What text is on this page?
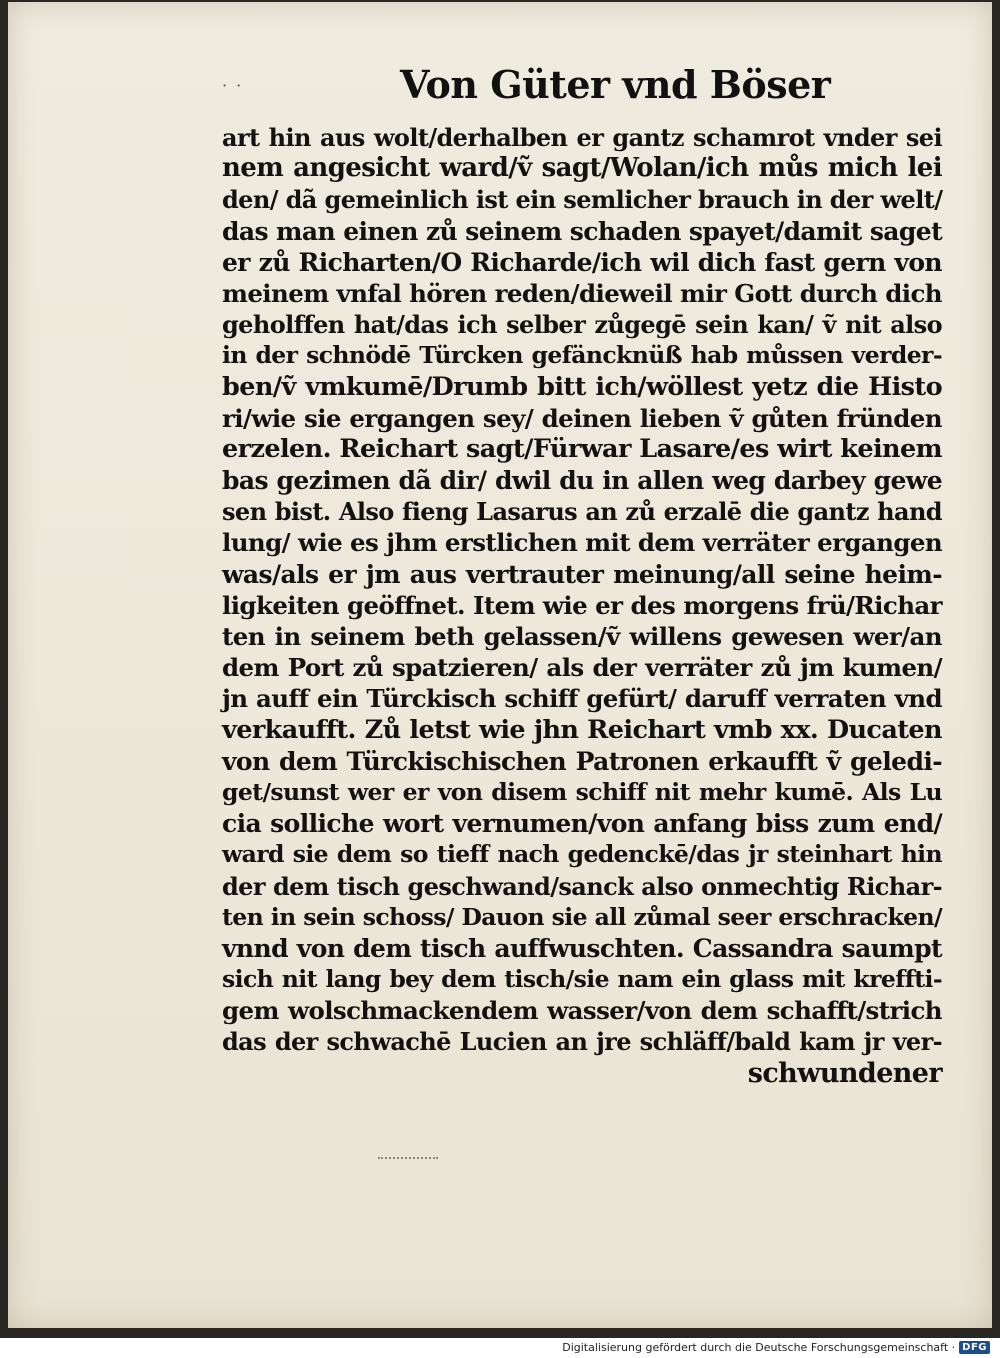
· ·	Von Güter vnd Böser
art hin aus wolt/derhalben er gantz schamrot vnder sei
nem angesicht ward/ṽ sagt/Wolan/ich můs mich lei
den/ dã gemeinlich ist ein semlicher brauch in der welt/
das man einen zů seinem schaden spayet/damit saget
er zů Richarten/O Richarde/ich wil dich fast gern von
meinem vnfal hören reden/dieweil mir Gott durch dich
geholffen hat/das ich selber zůgegē sein kan/ ṽ nit also
in der schnödē Türcken gefäncknüß hab můssen verder-
ben/ṽ vmkumē/Drumb bitt ich/wöllest yetz die Histo
ri/wie sie ergangen sey/ deinen lieben ṽ gůten fründen
erzelen. Reichart sagt/Fürwar Lasare/es wirt keinem
bas gezimen dã dir/ dwil du in allen weg darbey gewe
sen bist. Also fieng Lasarus an zů erzalē die gantz hand
lung/ wie es jhm erstlichen mit dem verräter ergangen
was/als er jm aus vertrauter meinung/all seine heim-
ligkeiten geöffnet. Item wie er des morgens frü/Richar
ten in seinem beth gelassen/ṽ willens gewesen wer/an
dem Port zů spatzieren/ als der verräter zů jm kumen/
jn auff ein Türckisch schiff gefürt/ daruff verraten vnd
verkaufft. Zů letst wie jhn Reichart vmb xx. Ducaten
von dem Türckischischen Patronen erkaufft ṽ geledi-
get/sunst wer er von disem schiff nit mehr kumē. Als Lu
cia solliche wort vernumen/von anfang biss zum end/
ward sie dem so tieff nach gedenckē/das jr steinhart hin
der dem tisch geschwand/sanck also onmechtig Richar-
ten in sein schoss/ Dauon sie all zůmal seer erschracken/
vnnd von dem tisch auffwuschten. Cassandra saumpt
sich nit lang bey dem tisch/sie nam ein glass mit kreffti-
gem wolschmackendem wasser/von dem schafft/strich
das der schwachē Lucien an jre schläff/bald kam jr ver-
schwundener
Digitalisierung gefördert durch die Deutsche Forschungsgemeinschaft · DFG
